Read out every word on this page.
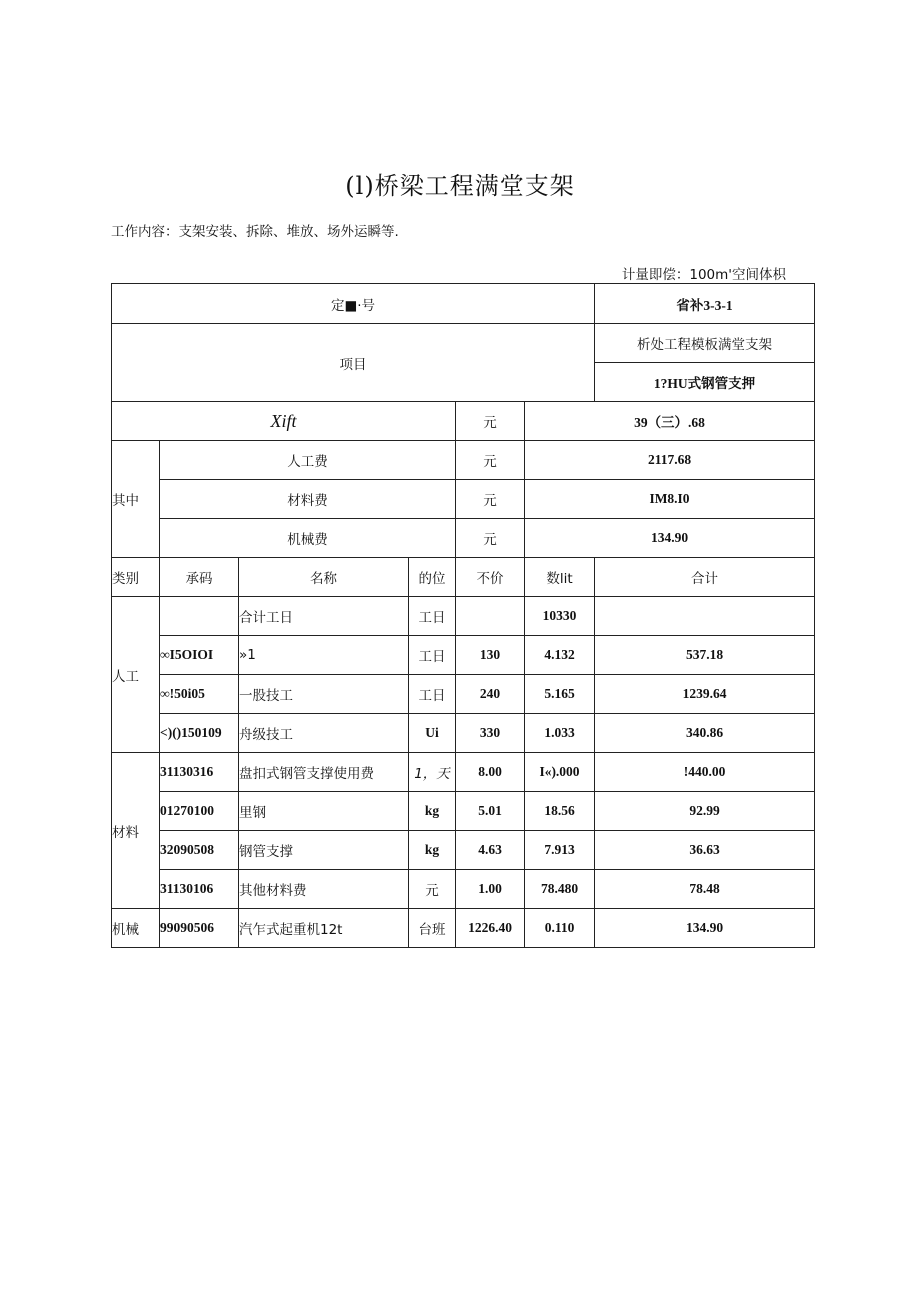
(l)桥梁工程满堂支架
工作内容：支架安装、拆除、堆放、场外运瞬等.
计量即偿：100m'空间体枳
定■·号						省补3-3-1
项目						析处工程模板满堂支架
						1?HU式钢管支押
Xift				元	39（三）.68	
其中	人工费			元	2117.68	
	材料费			元	IM8.I0	
	机械费			元	134.90	
类别	承码	名称	的位	不价	数lit	合计
人工		合计工日	工日		10330	
	∞I5OIOI	»1	工日	130	4.132	537.18
	∞!50i05	一股技工	工日	240	5.165	1239.64
	<)()150109	舟级技工	Ui	330	1.033	340.86
材料	31130316	盘扣式钢管支撑使用费	1，天	8.00	I«).000	!440.00
	01270100	里钢	kg	5.01	18.56	92.99
	32090508	钢管支撑	kg	4.63	7.913	36.63
	31130106	其他材料费	元	1.00	78.480	78.48
机械	99090506	汽乍式起重机12t	台班	1226.40	0.110	134.90
